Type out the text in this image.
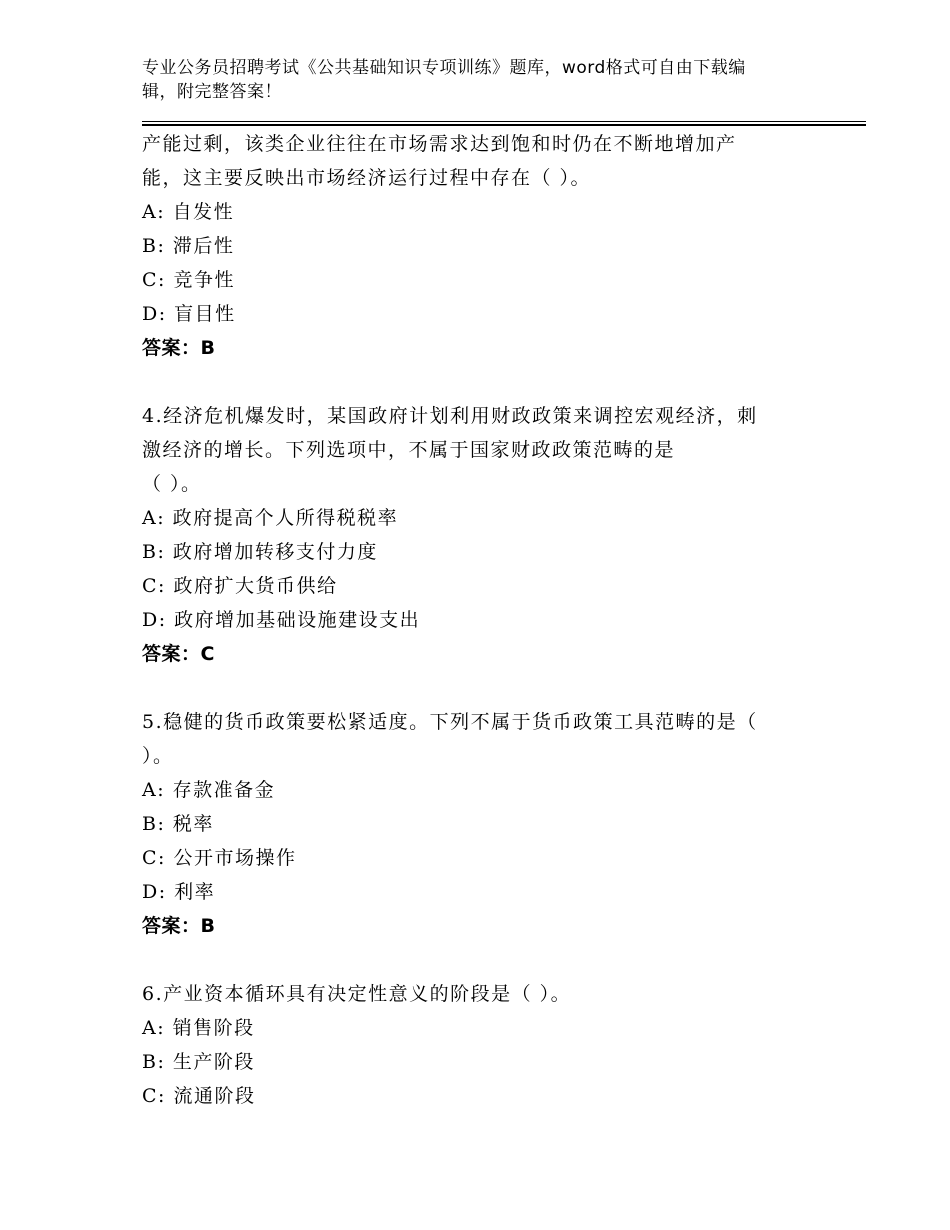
专业公务员招聘考试《公共基础知识专项训练》题库，word格式可自由下载编
辑，附完整答案！
产能过剩，该类企业往往在市场需求达到饱和时仍在不断地增加产
能，这主要反映出市场经济运行过程中存在（ ）。
A: 自发性
B: 滞后性
C: 竞争性
D: 盲目性
答案：B
4.经济危机爆发时，某国政府计划利用财政政策来调控宏观经济，刺
激经济的增长。下列选项中，不属于国家财政政策范畴的是
（ ）。
A: 政府提高个人所得税税率
B: 政府增加转移支付力度
C: 政府扩大货币供给
D: 政府增加基础设施建设支出
答案：C
5.稳健的货币政策要松紧适度。下列不属于货币政策工具范畴的是（
）。
A: 存款准备金
B: 税率
C: 公开市场操作
D: 利率
答案：B
6.产业资本循环具有决定性意义的阶段是（ ）。
A: 销售阶段
B: 生产阶段
C: 流通阶段
